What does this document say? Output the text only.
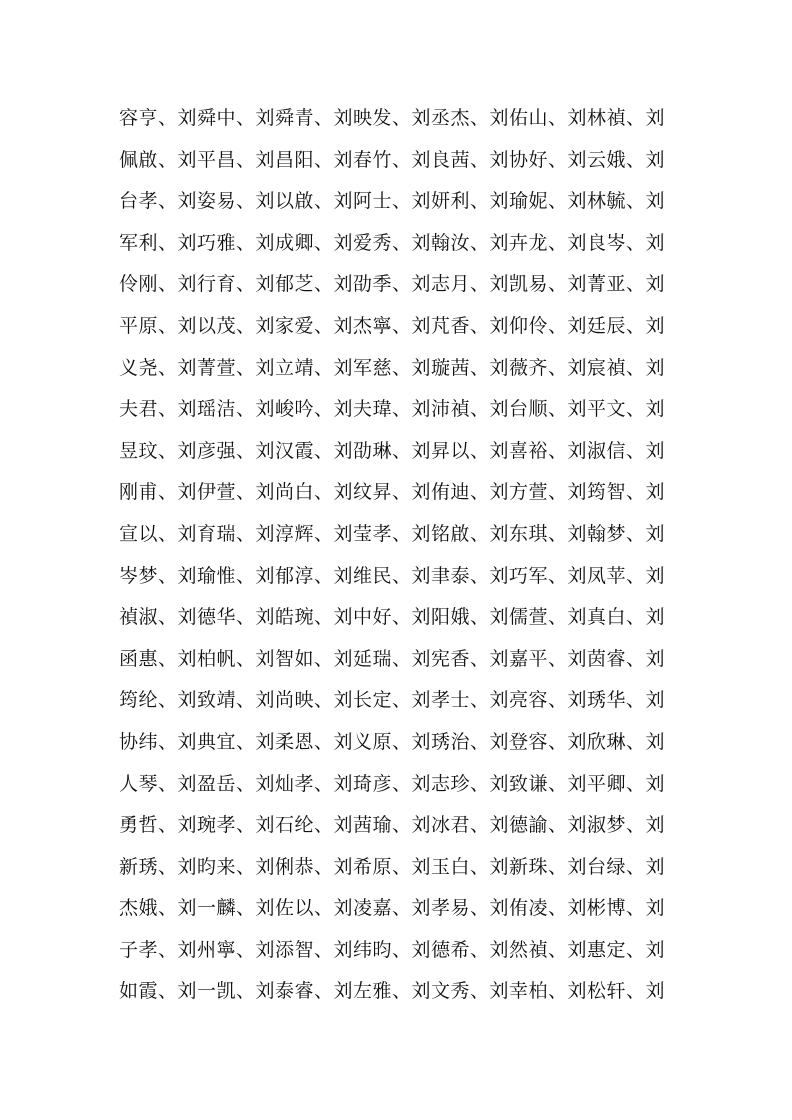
容亨、刘舜中、刘舜青、刘映发、刘丞杰、刘佑山、刘林禎、刘
佩啟、刘平昌、刘昌阳、刘春竹、刘良茜、刘协好、刘云娥、刘
台孝、刘姿易、刘以啟、刘阿士、刘妍利、刘瑜妮、刘林毓、刘
军利、刘巧雅、刘成卿、刘爱秀、刘翰汝、刘卉龙、刘良岑、刘
伶刚、刘行育、刘郁芝、刘劭季、刘志月、刘凯易、刘菁亚、刘
平原、刘以茂、刘家爱、刘杰寧、刘芃香、刘仰伶、刘廷辰、刘
义尧、刘菁萱、刘立靖、刘军慈、刘璇茜、刘薇齐、刘宸禎、刘
夫君、刘瑶洁、刘峻吟、刘夫瑋、刘沛禎、刘台顺、刘平文、刘
昱玟、刘彦强、刘汉霞、刘劭琳、刘昇以、刘喜裕、刘淑信、刘
刚甫、刘伊萱、刘尚白、刘纹昇、刘侑迪、刘方萱、刘筠智、刘
宣以、刘育瑞、刘淳辉、刘莹孝、刘铭啟、刘东琪、刘翰梦、刘
岑梦、刘瑜惟、刘郁淳、刘维民、刘聿泰、刘巧军、刘凤苹、刘
禎淑、刘德华、刘皓琬、刘中好、刘阳娥、刘儒萱、刘真白、刘
函惠、刘柏帆、刘智如、刘延瑞、刘宪香、刘嘉平、刘茵睿、刘
筠纶、刘致靖、刘尚映、刘长定、刘孝士、刘亮容、刘琇华、刘
协纬、刘典宜、刘柔恩、刘义原、刘琇治、刘登容、刘欣琳、刘
人琴、刘盈岳、刘灿孝、刘琦彦、刘志珍、刘致谦、刘平卿、刘
勇哲、刘琬孝、刘石纶、刘茜瑜、刘冰君、刘德諭、刘淑梦、刘
新琇、刘昀来、刘俐恭、刘希原、刘玉白、刘新珠、刘台绿、刘
杰娥、刘一麟、刘佐以、刘凌嘉、刘孝易、刘侑凌、刘彬博、刘
子孝、刘州寧、刘添智、刘纬昀、刘德希、刘然禎、刘惠定、刘
如霞、刘一凯、刘泰睿、刘左雅、刘文秀、刘幸柏、刘松轩、刘
